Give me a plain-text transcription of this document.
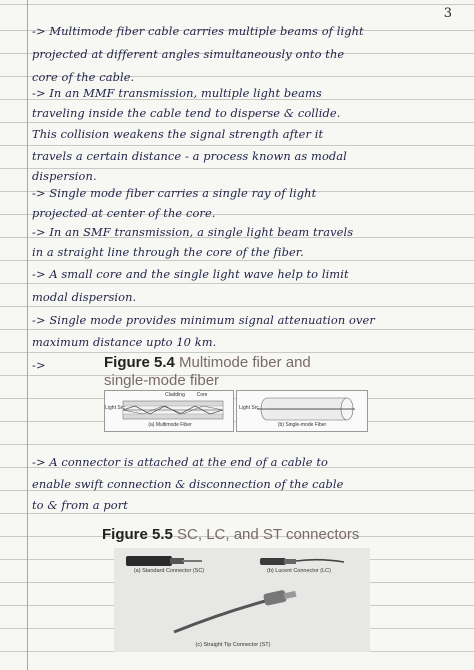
3
-> Multimode fiber cable carries multiple beams of light
projected at different angles simultaneously onto the
core of the cable.
-> In an MMF transmission, multiple light beams
traveling inside the cable tend to disperse & collide.
This collision weakens the signal strength after it
travels a certain distance - a process known as modal
dispersion.
-> Single mode fiber carries a single ray of light
projected at center of the core.
-> In an SMF transmission, a single light beam travels
in a straight line through the core of the fiber.
-> A small core and the single light wave help to limit
modal dispersion.
-> Single mode provides minimum signal attenuation over
maximum distance upto 10 km.
->	Figure 5.4 Multimode fiber and
single-mode fiber
Cladding	Core
Light Src
(a) Multimode Fiber
Light Src
(b) Single-mode Fiber
-> A connector is attached at the end of a cable to
enable swift connection & disconnection of the cable
to & from a port
Figure 5.5 SC, LC, and ST connectors
(a) Standard Connector (SC)	(b) Lucent Connector (LC)
(c) Straight Tip Connector (ST)
